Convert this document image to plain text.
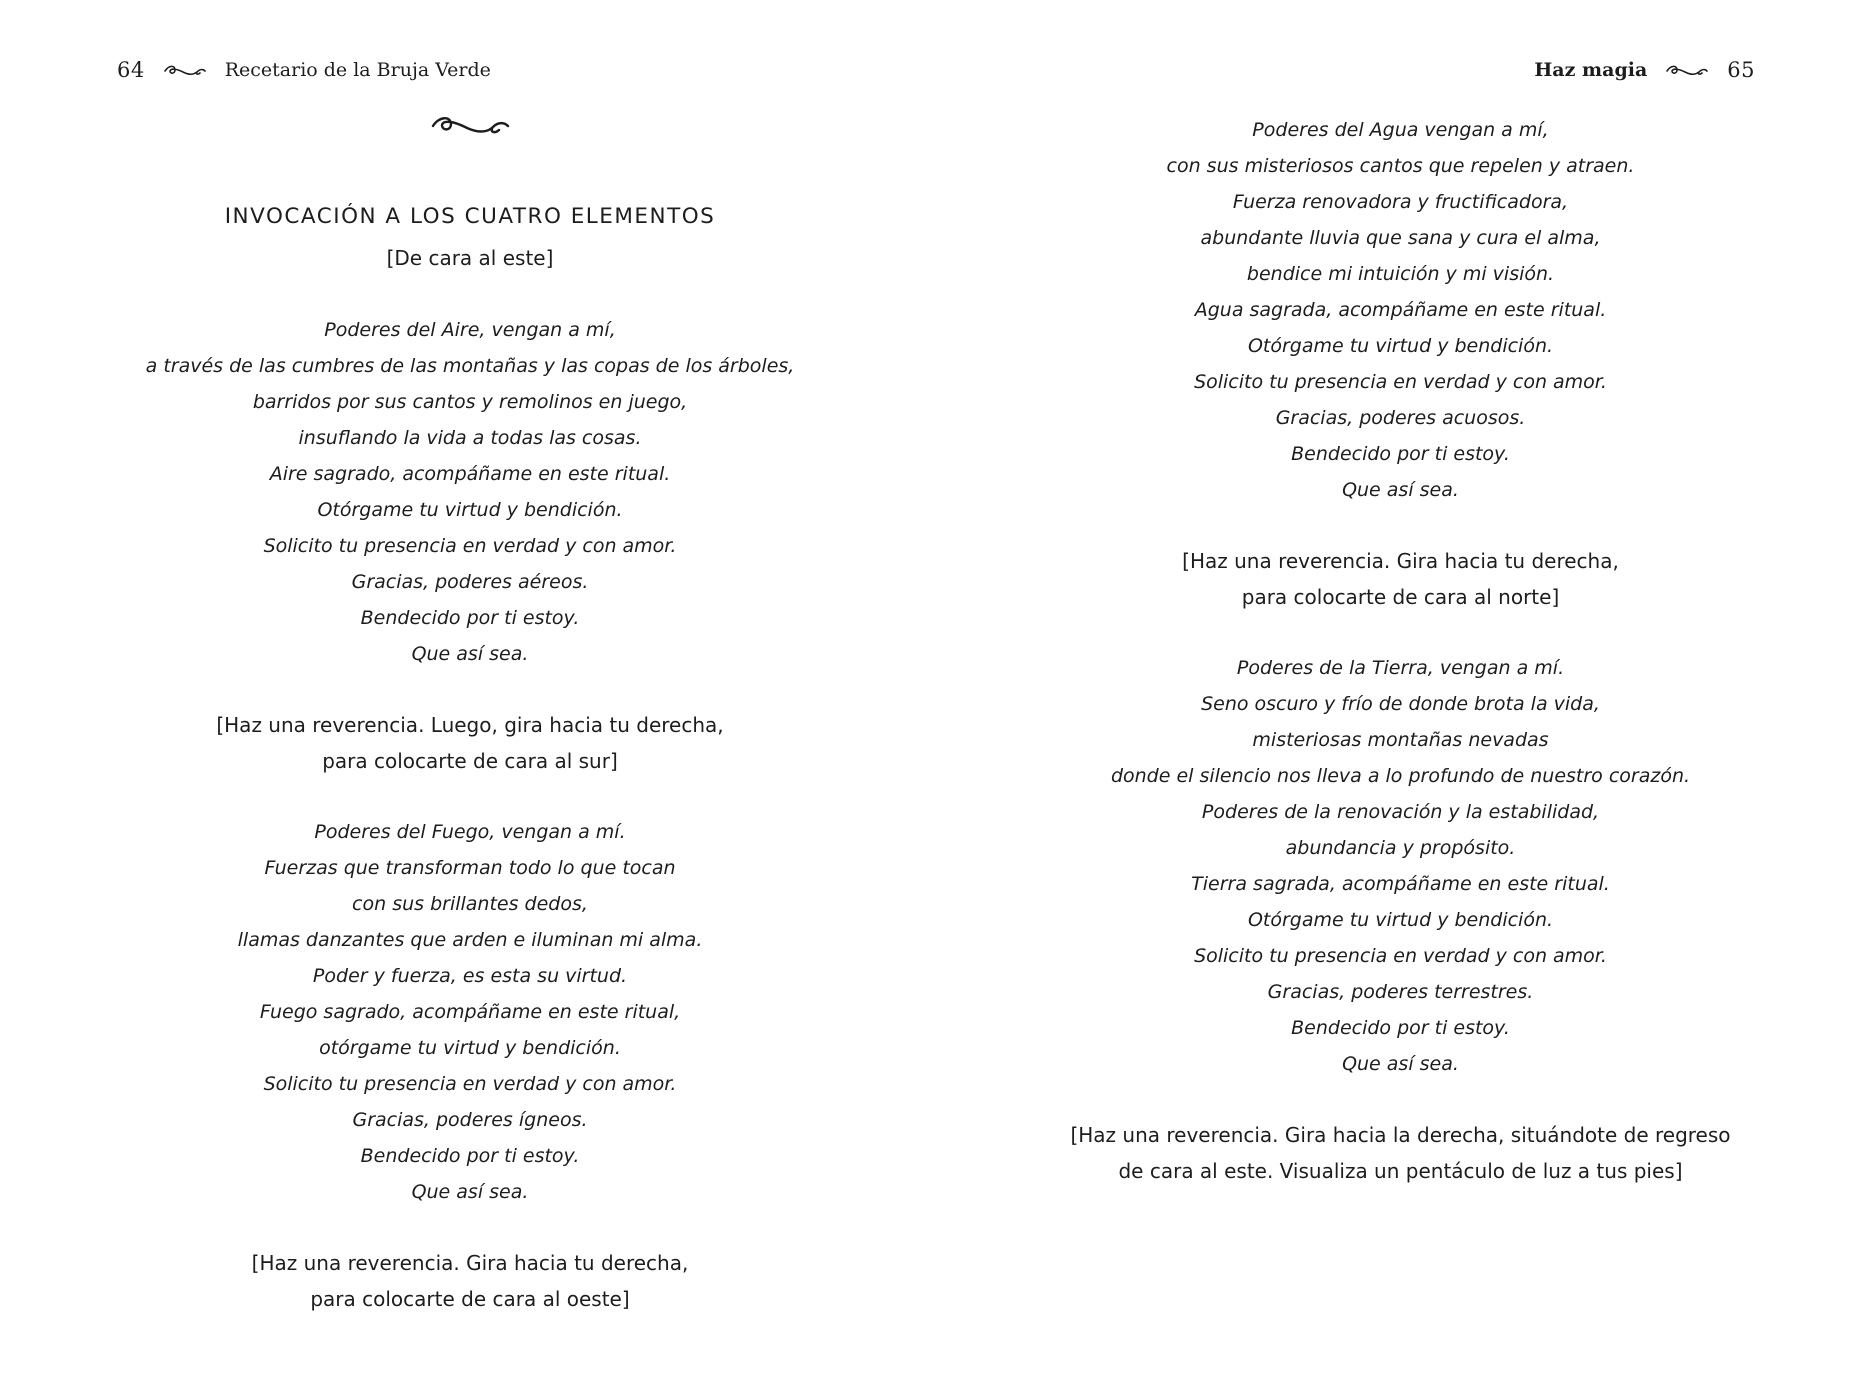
64	Recetario de la Bruja Verde
INVOCACIÓN A LOS CUATRO ELEMENTOS
[De cara al este]
Poderes del Aire, vengan a mí,
a través de las cumbres de las montañas y las copas de los árboles,
barridos por sus cantos y remolinos en juego,
insuflando la vida a todas las cosas.
Aire sagrado, acompáñame en este ritual.
Otórgame tu virtud y bendición.
Solicito tu presencia en verdad y con amor.
Gracias, poderes aéreos.
Bendecido por ti estoy.
Que así sea.
[Haz una reverencia. Luego, gira hacia tu derecha,
para colocarte de cara al sur]
Poderes del Fuego, vengan a mí.
Fuerzas que transforman todo lo que tocan
con sus brillantes dedos,
llamas danzantes que arden e iluminan mi alma.
Poder y fuerza, es esta su virtud.
Fuego sagrado, acompáñame en este ritual,
otórgame tu virtud y bendición.
Solicito tu presencia en verdad y con amor.
Gracias, poderes ígneos.
Bendecido por ti estoy.
Que así sea.
[Haz una reverencia. Gira hacia tu derecha,
para colocarte de cara al oeste]
Haz magia	65
Poderes del Agua vengan a mí,
con sus misteriosos cantos que repelen y atraen.
Fuerza renovadora y fructificadora,
abundante lluvia que sana y cura el alma,
bendice mi intuición y mi visión.
Agua sagrada, acompáñame en este ritual.
Otórgame tu virtud y bendición.
Solicito tu presencia en verdad y con amor.
Gracias, poderes acuosos.
Bendecido por ti estoy.
Que así sea.
[Haz una reverencia. Gira hacia tu derecha,
para colocarte de cara al norte]
Poderes de la Tierra, vengan a mí.
Seno oscuro y frío de donde brota la vida,
misteriosas montañas nevadas
donde el silencio nos lleva a lo profundo de nuestro corazón.
Poderes de la renovación y la estabilidad,
abundancia y propósito.
Tierra sagrada, acompáñame en este ritual.
Otórgame tu virtud y bendición.
Solicito tu presencia en verdad y con amor.
Gracias, poderes terrestres.
Bendecido por ti estoy.
Que así sea.
[Haz una reverencia. Gira hacia la derecha, situándote de regreso
de cara al este. Visualiza un pentáculo de luz a tus pies]
